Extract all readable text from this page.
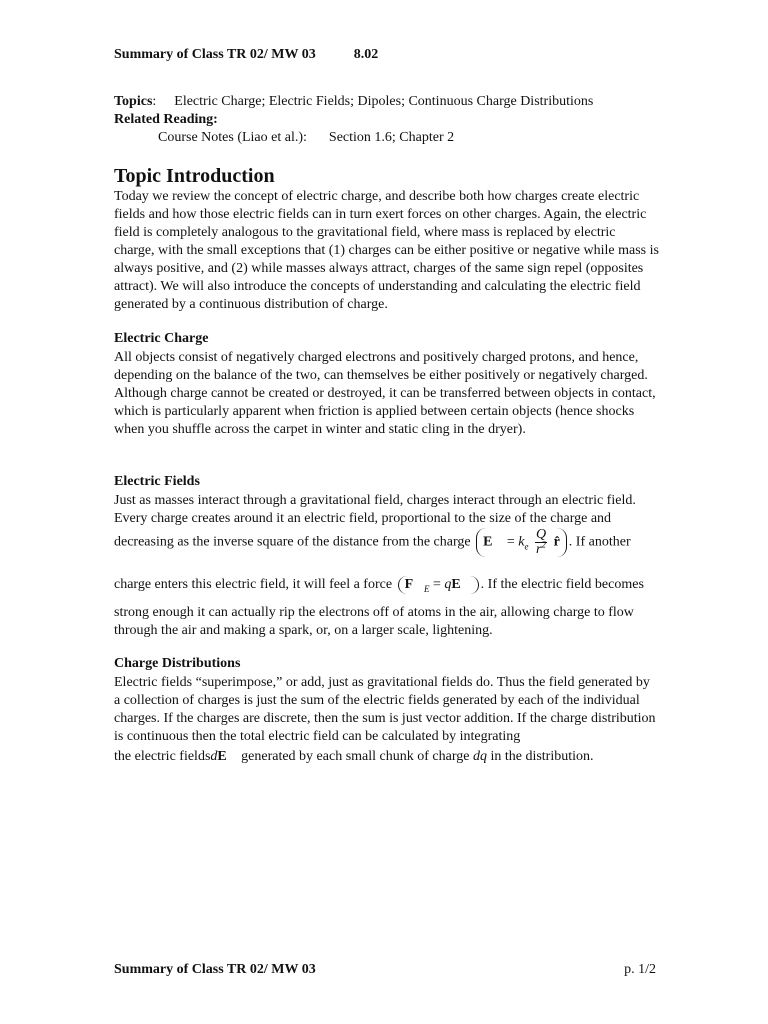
Summary of Class TR 02/ MW 03	8.02
Topics: Electric Charge; Electric Fields; Dipoles; Continuous Charge Distributions
Related Reading:
Course Notes (Liao et al.): Section 1.6; Chapter 2
Topic Introduction
Today we review the concept of electric charge, and describe both how charges create electric fields and how those electric fields can in turn exert forces on other charges. Again, the electric field is completely analogous to the gravitational field, where mass is replaced by electric charge, with the small exceptions that (1) charges can be either positive or negative while mass is always positive, and (2) while masses always attract, charges of the same sign repel (opposites attract). We will also introduce the concepts of understanding and calculating the electric field generated by a continuous distribution of charge.
Electric Charge
All objects consist of negatively charged electrons and positively charged protons, and hence, depending on the balance of the two, can themselves be either positively or negatively charged. Although charge cannot be created or destroyed, it can be transferred between objects in contact, which is particularly apparent when friction is applied between certain objects (hence shocks when you shuffle across the carpet in winter and static cling in the dryer).
Electric Fields
Just as masses interact through a gravitational field, charges interact through an electric field. Every charge creates around it an electric field, proportional to the size of the charge and
decreasing as the inverse square of the distance from the charge E⃗ = $k_e \frac{Q}{r^2}$ r̂ . If another
charge enters this electric field, it will feel a force $F⃗_E$ = qE⃗ . If the electric field becomes
strong enough it can actually rip the electrons off of atoms in the air, allowing charge to flow through the air and making a spark, or, on a larger scale, lightening.
Charge Distributions
Electric fields “superimpose,” or add, just as gravitational fields do. Thus the field generated by a collection of charges is just the sum of the electric fields generated by each of the individual charges. If the charges are discrete, then the sum is just vector addition. If the charge distribution is continuous then the total electric field can be calculated by integrating
the electric fieldsdE⃗ generated by each small chunk of charge dq in the distribution.
Summary of Class TR 02/ MW 03	p. 1/2
